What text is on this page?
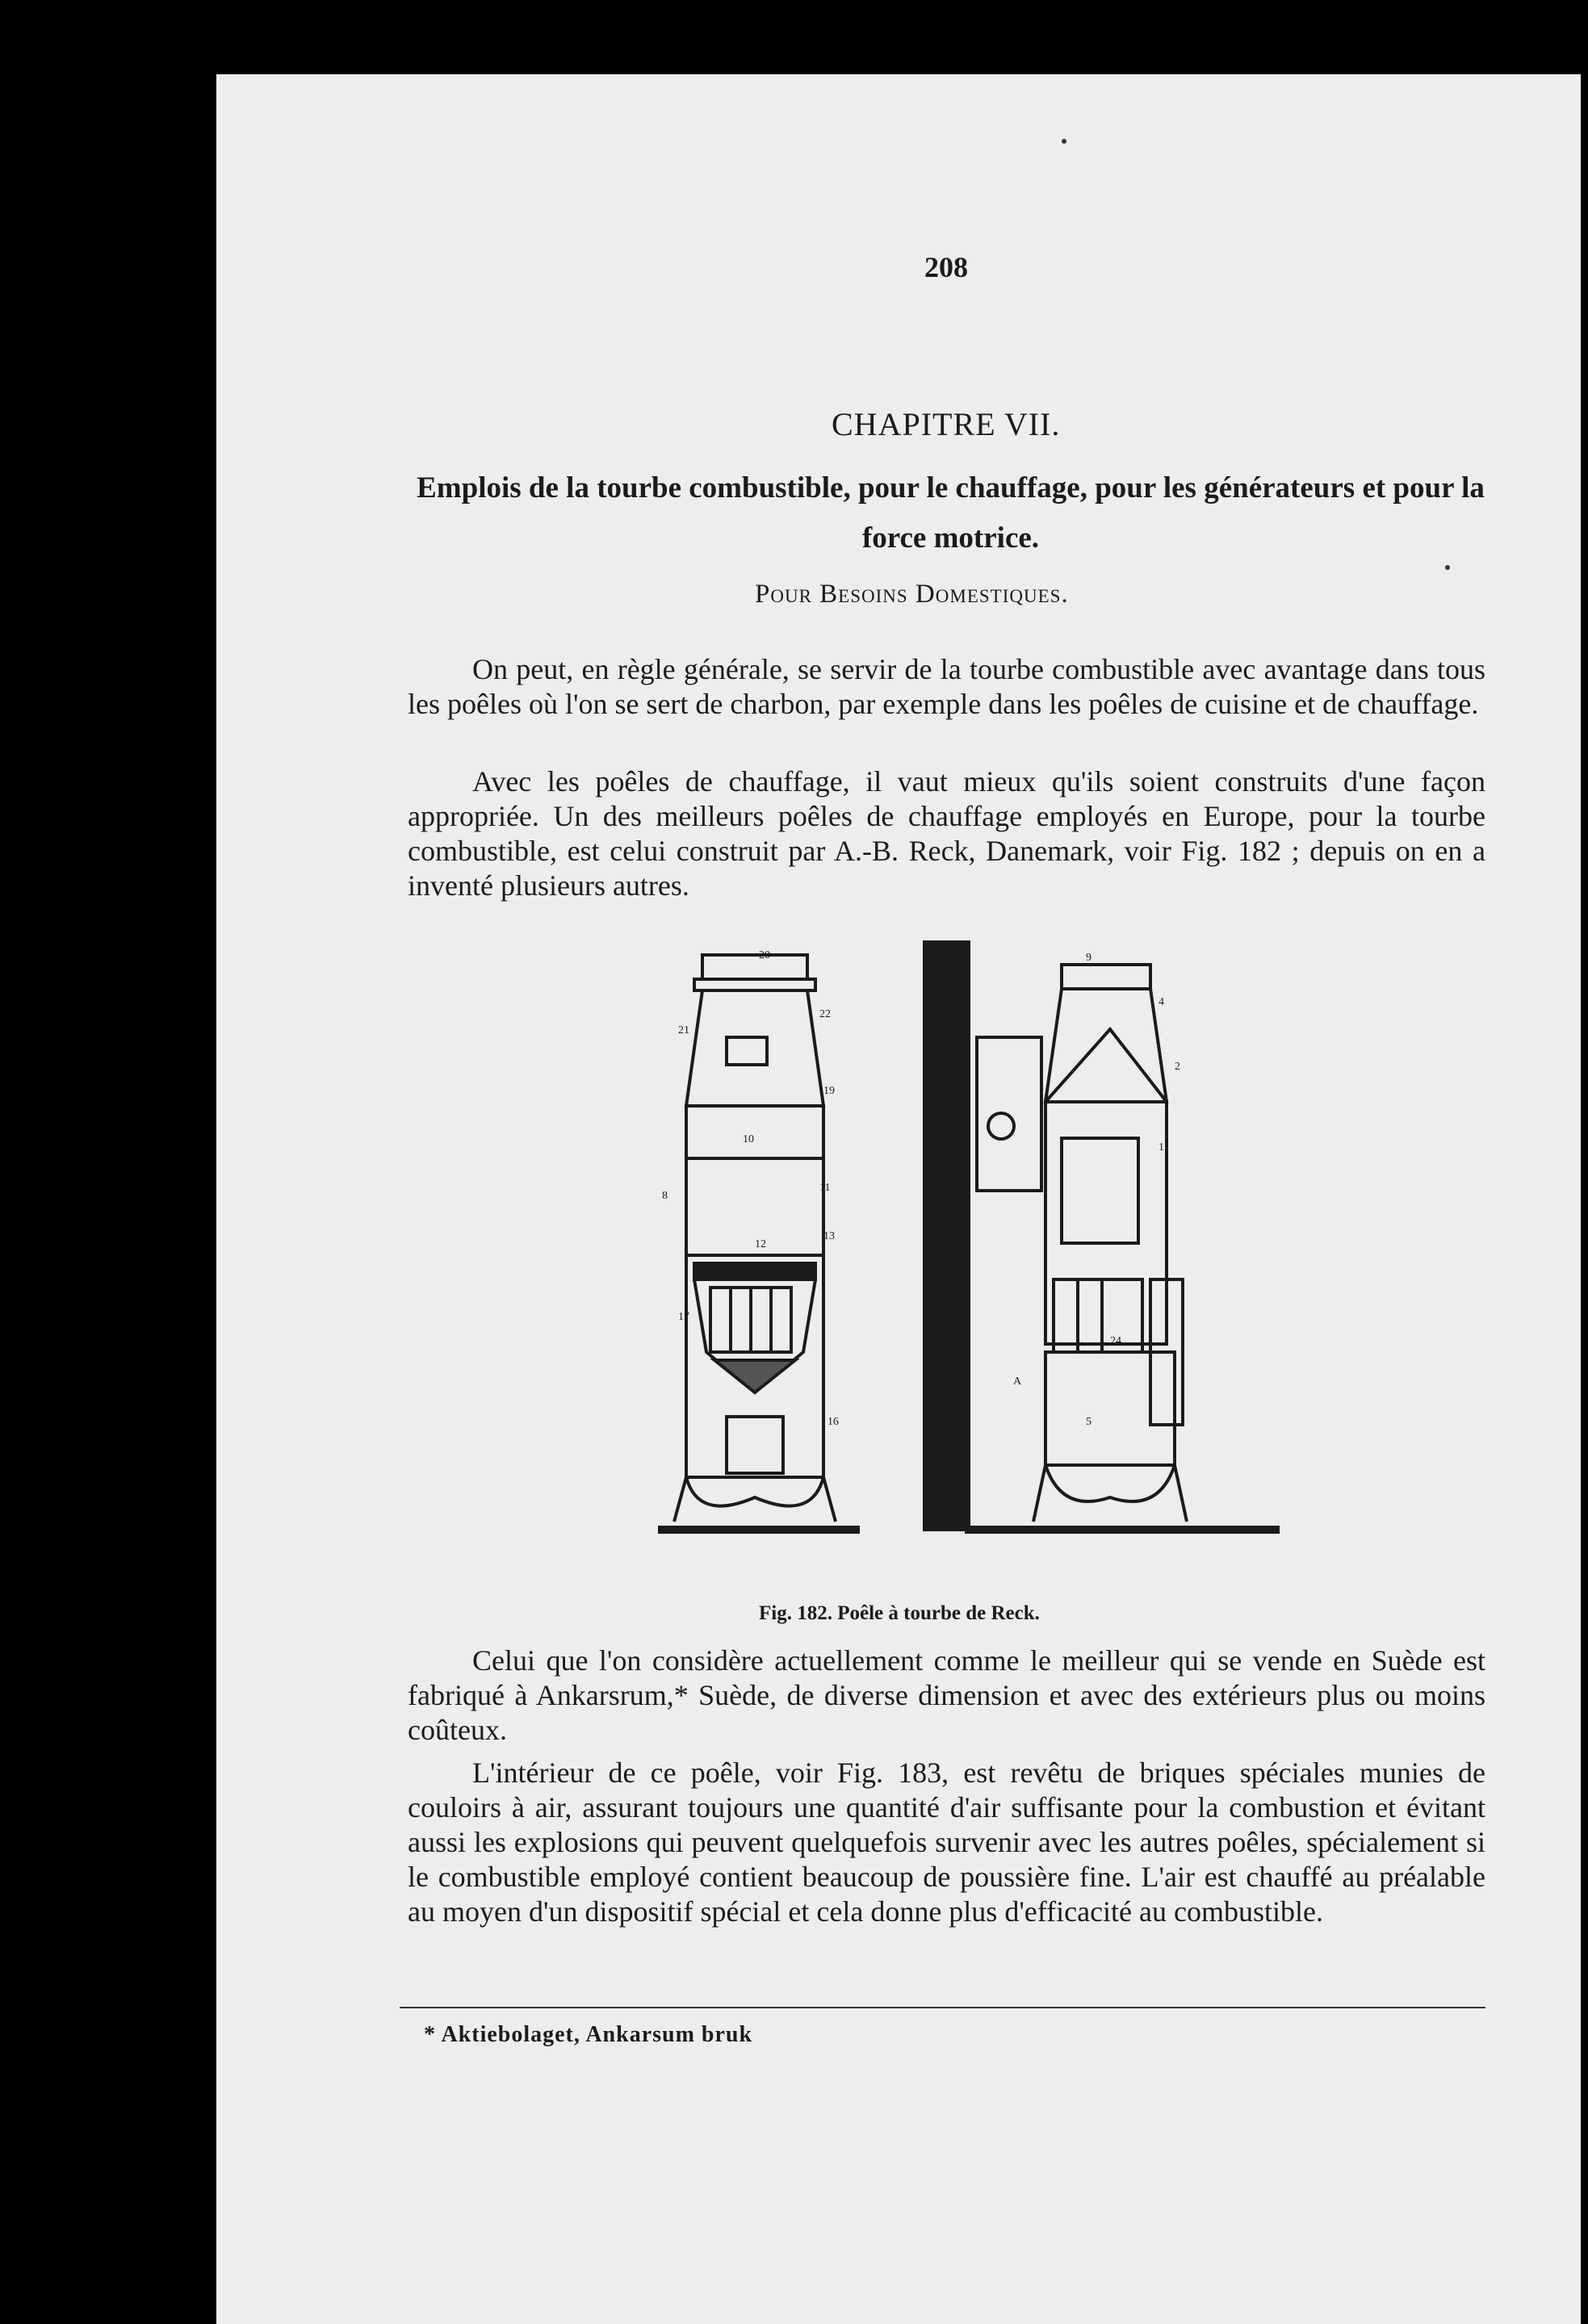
208

CHAPITRE VII.

Emplois de la tourbe combustible, pour le chauffage, pour les générateurs et pour la force motrice.

Pour Besoins Domestiques.

On peut, en règle générale, se servir de la tourbe combustible avec avantage dans tous les poêles où l'on se sert de charbon, par exemple dans les poêles de cuisine et de chauffage.

Avec les poêles de chauffage, il vaut mieux qu'ils soient construits d'une façon appropriée. Un des meilleurs poêles de chauffage employés en Europe, pour la tourbe combustible, est celui construit par A.-B. Reck, Danemark, voir Fig. 182 ; depuis on en a inventé plusieurs autres.

20
21
22
19
10
8
11
12
13
17
16
9
4
2
1
A
5
24

Fig. 182. Poêle à tourbe de Reck.

Celui que l'on considère actuellement comme le meilleur qui se vende en Suède est fabriqué à Ankarsrum,* Suède, de diverse dimension et avec des extérieurs plus ou moins coûteux.

L'intérieur de ce poêle, voir Fig. 183, est revêtu de briques spéciales munies de couloirs à air, assurant toujours une quantité d'air suffisante pour la combustion et évitant aussi les explosions qui peuvent quelquefois survenir avec les autres poêles, spécialement si le combustible employé contient beaucoup de poussière fine. L'air est chauffé au préalable au moyen d'un dispositif spécial et cela donne plus d'efficacité au combustible.

* Aktiebolaget, Ankarsum bruk
